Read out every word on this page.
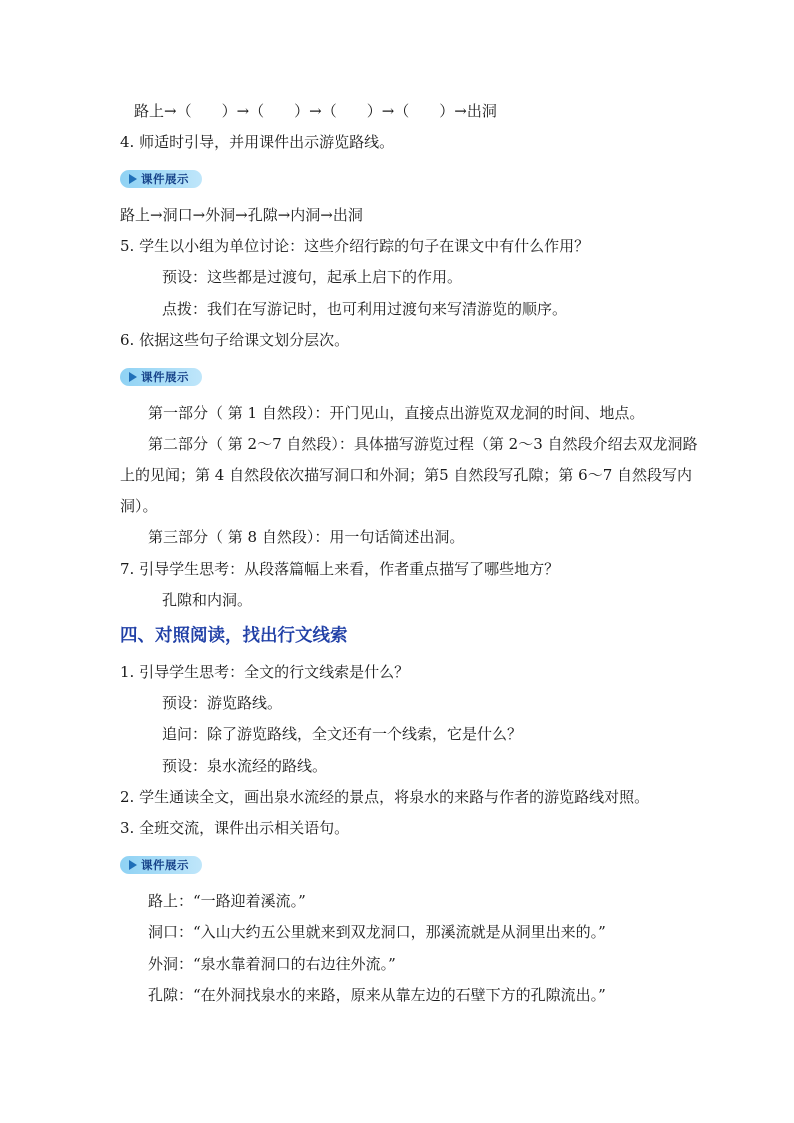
路上→（　　）→（　　）→（　　）→（　　）→出洞
4. 师适时引导，并用课件出示游览路线。
课件展示
路上→洞口→外洞→孔隙→内洞→出洞
5. 学生以小组为单位讨论：这些介绍行踪的句子在课文中有什么作用？
预设：这些都是过渡句，起承上启下的作用。
点拨：我们在写游记时，也可利用过渡句来写清游览的顺序。
6. 依据这些句子给课文划分层次。
课件展示
第一部分（ 第 1 自然段）：开门见山，直接点出游览双龙洞的时间、地点。
第二部分（ 第 2～7 自然段）：具体描写游览过程（第 2～3 自然段介绍去双龙洞路
上的见闻；第 4 自然段依次描写洞口和外洞；第5 自然段写孔隙；第 6～7 自然段写内
洞）。
第三部分（ 第 8 自然段）：用一句话简述出洞。
7. 引导学生思考：从段落篇幅上来看，作者重点描写了哪些地方？
孔隙和内洞。
四、对照阅读，找出行文线索
1. 引导学生思考：全文的行文线索是什么？
预设：游览路线。
追问：除了游览路线，全文还有一个线索，它是什么？
预设：泉水流经的路线。
2. 学生通读全文，画出泉水流经的景点，将泉水的来路与作者的游览路线对照。
3. 全班交流，课件出示相关语句。
课件展示
路上：“一路迎着溪流。”
洞口：“入山大约五公里就来到双龙洞口，那溪流就是从洞里出来的。”
外洞：“泉水靠着洞口的右边往外流。”
孔隙：“在外洞找泉水的来路，原来从靠左边的石壁下方的孔隙流出。”
